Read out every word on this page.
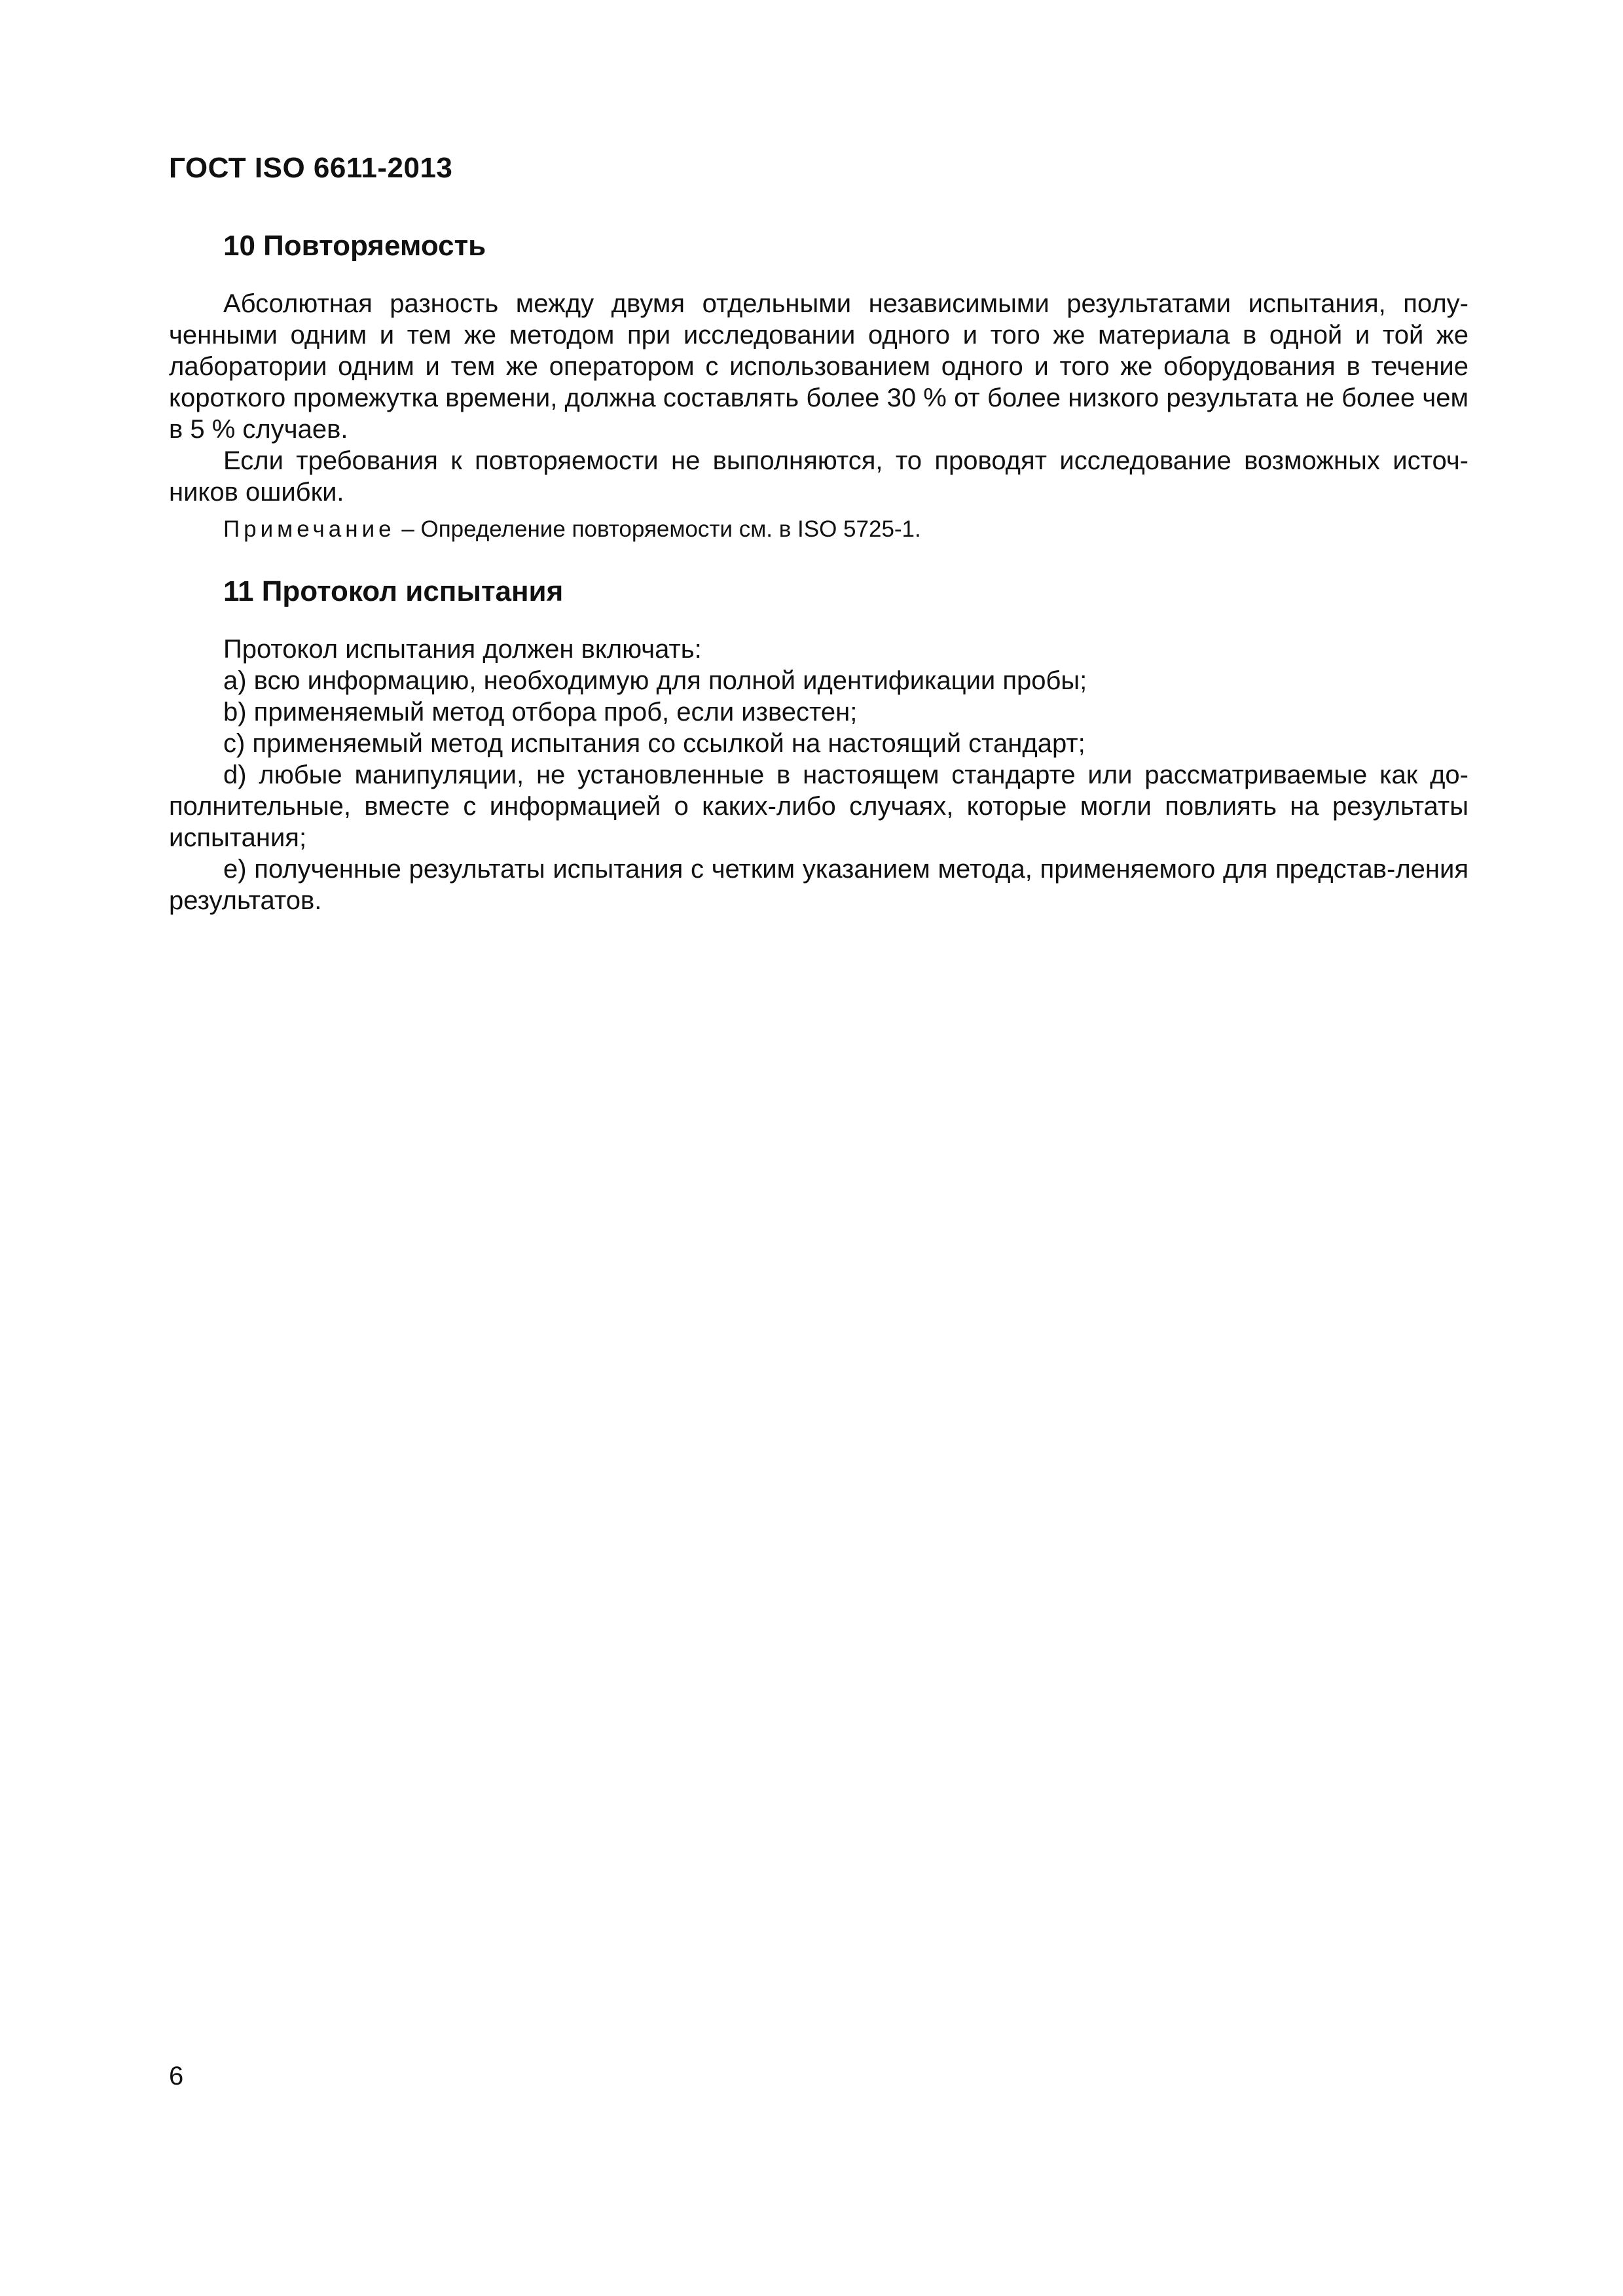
ГОСТ ISO 6611-2013
10 Повторяемость

Абсолютная разность между двумя отдельными независимыми результатами испытания, полу-ченными одним и тем же методом при исследовании одного и того же материала в одной и той же лаборатории одним и тем же оператором с использованием одного и того же оборудования в течение короткого промежутка времени, должна составлять более 30 % от более низкого результата не более чем в 5 % случаев.

Если требования к повторяемости не выполняются, то проводят исследование возможных источ-ников ошибки.

Примечание – Определение повторяемости см. в ISO 5725-1.

11 Протокол испытания

Протокол испытания должен включать:

a) всю информацию, необходимую для полной идентификации пробы;

b) применяемый метод отбора проб, если известен;

c) применяемый метод испытания со ссылкой на настоящий стандарт;

d) любые манипуляции, не установленные в настоящем стандарте или рассматриваемые как до-полнительные, вместе с информацией о каких-либо случаях, которые могли повлиять на результаты испытания;

e) полученные результаты испытания с четким указанием метода, применяемого для представ-ления результатов.

6
